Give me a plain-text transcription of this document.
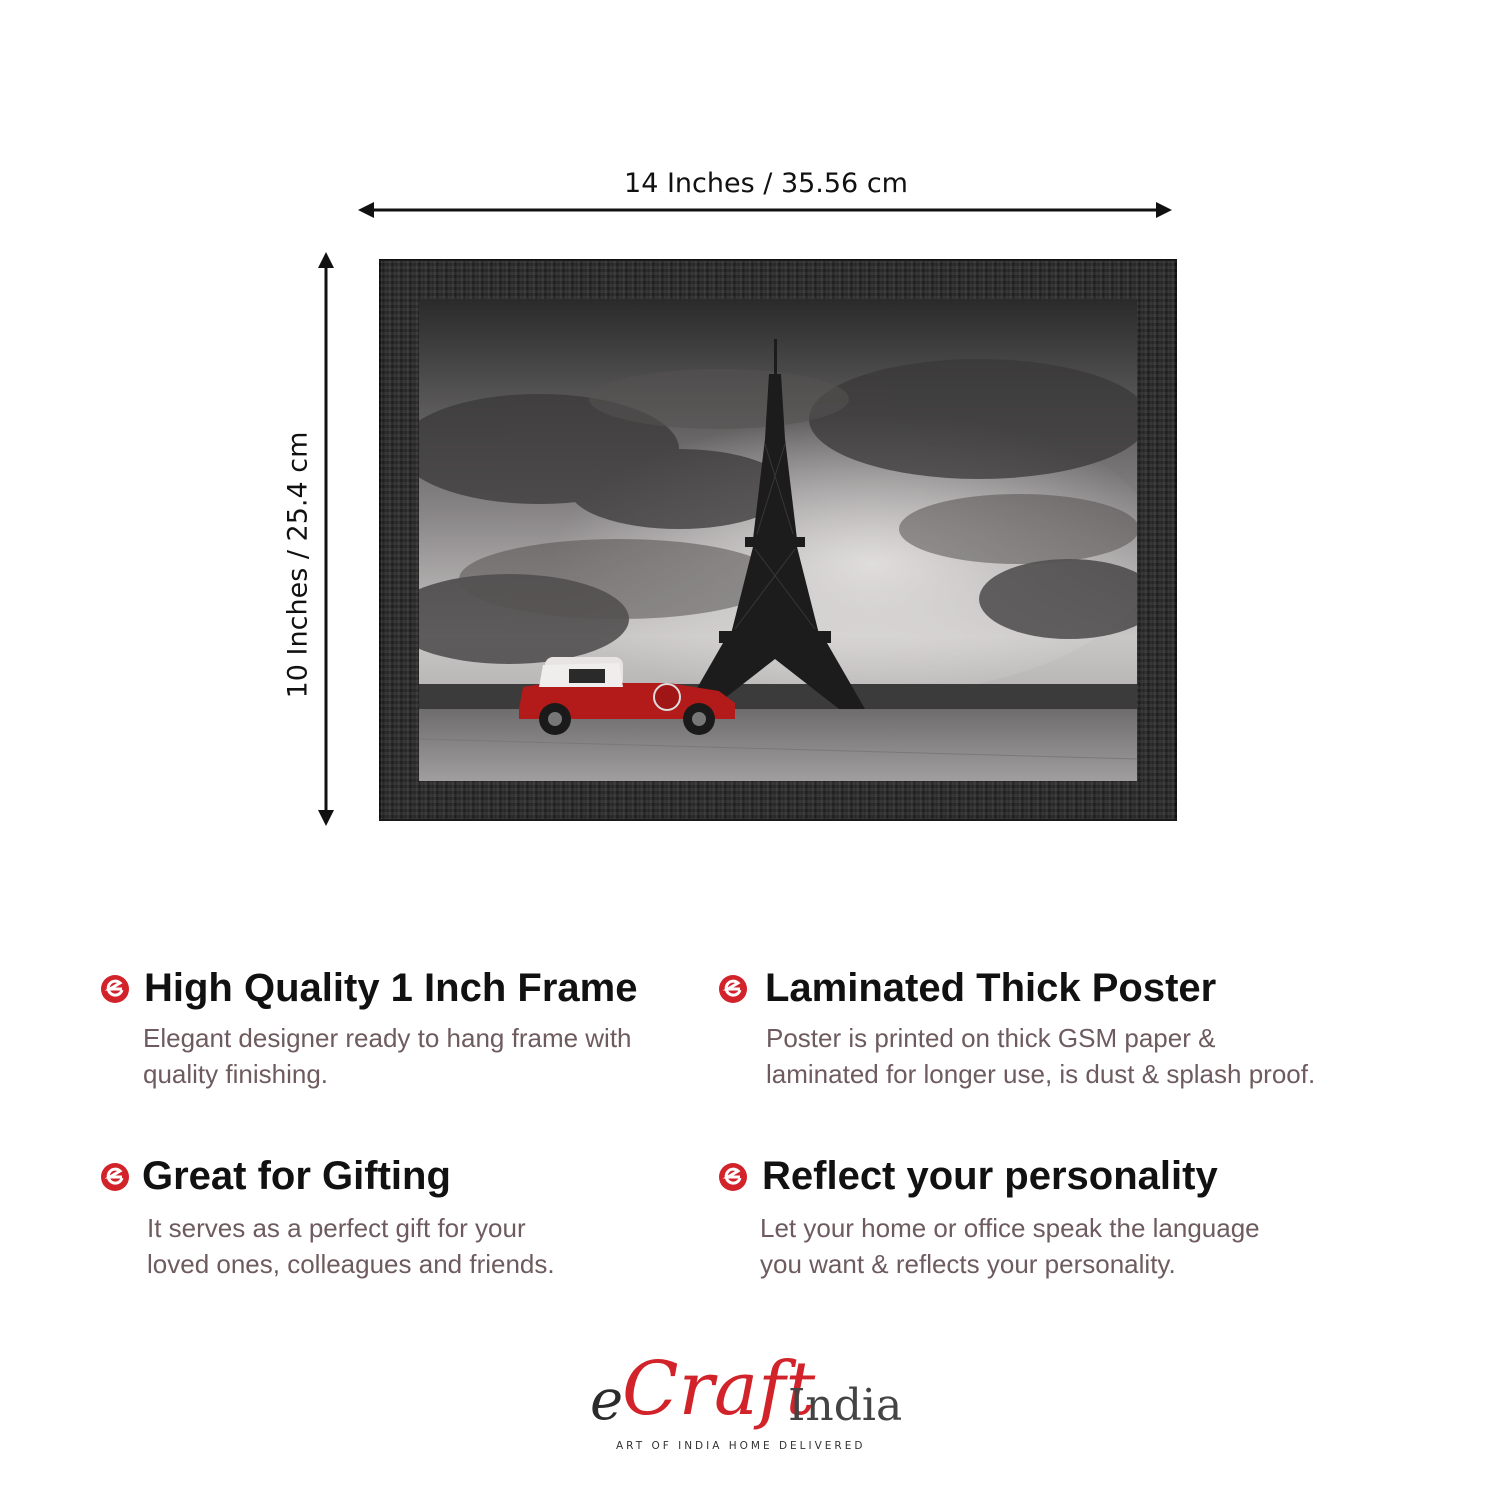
14 Inches / 35.56 cm
10 Inches / 25.4 cm
High Quality 1 Inch Frame

Elegant designer ready to hang frame with
quality finishing.

Laminated Thick Poster

Poster is printed on thick GSM paper &
laminated for longer use, is dust & splash proof.

Great for Gifting

It serves as a perfect gift for your
loved ones, colleagues and friends.

Reflect your personality

Let your home or office speak the language
you want & reflects your personality.

e
Craft
India
ART OF INDIA HOME DELIVERED
